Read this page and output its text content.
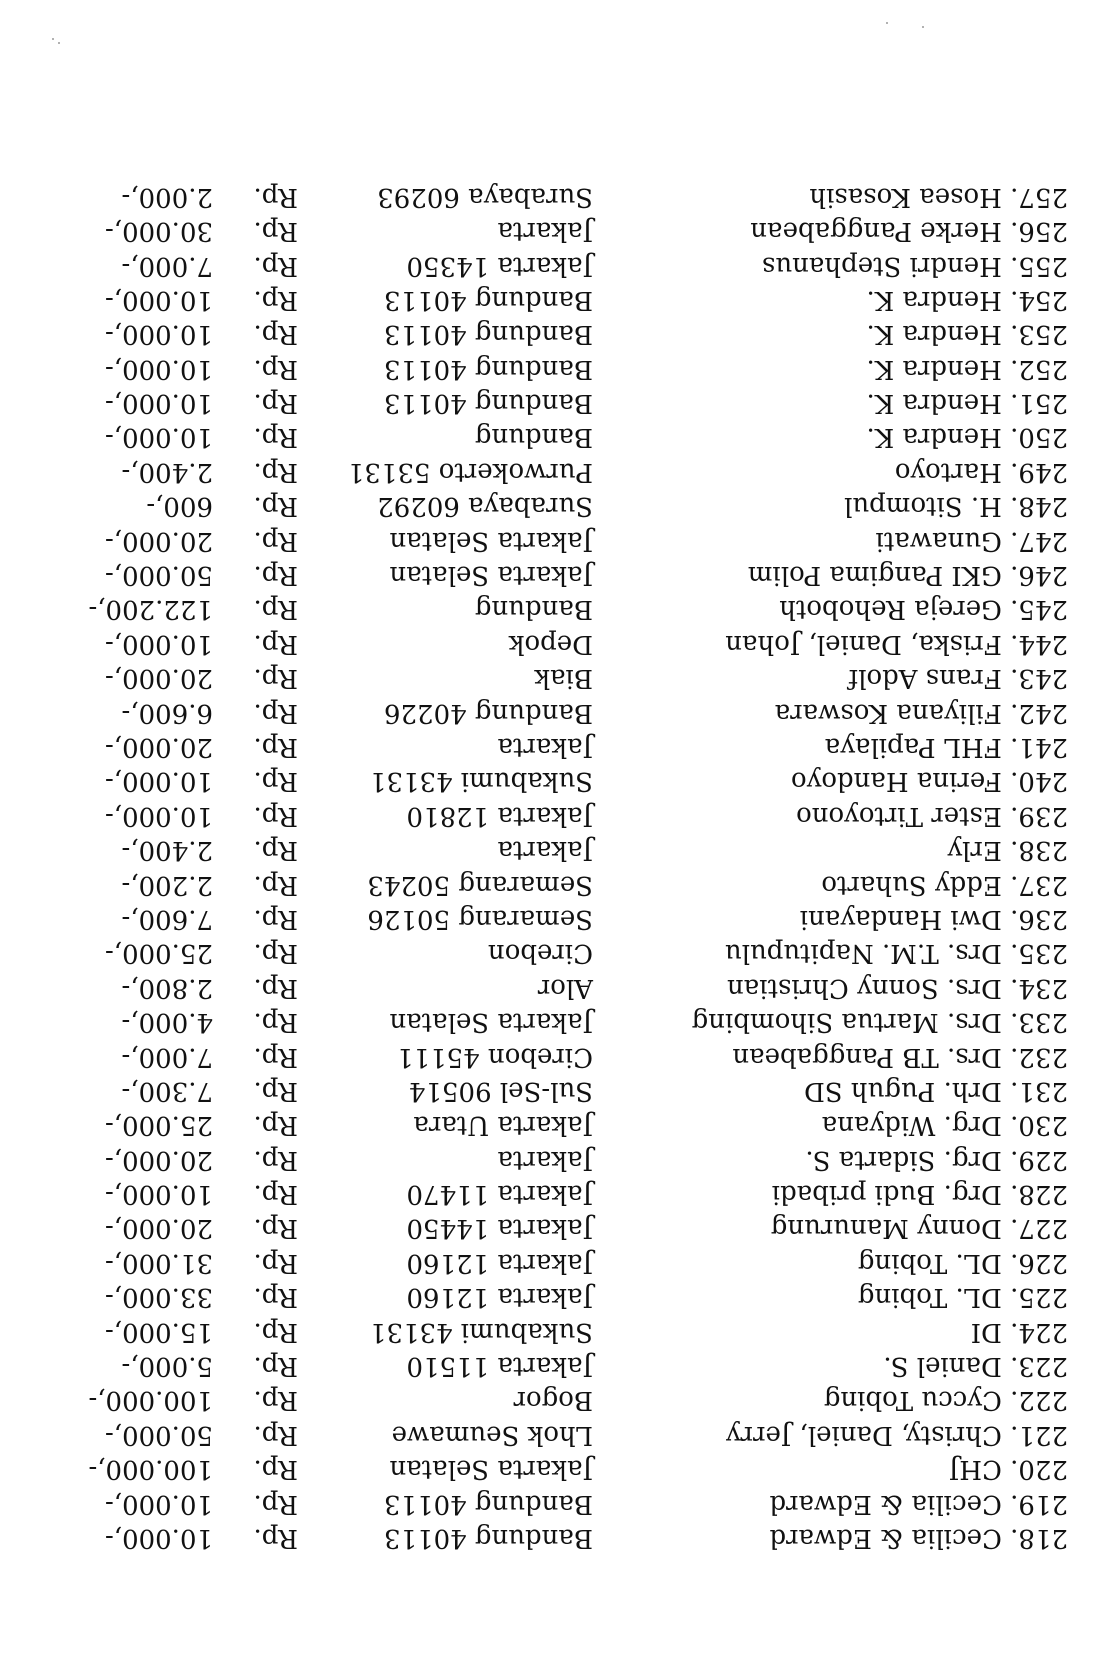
218. Cecilia & Edward
Bandung 40113
Rp.
10.000,-
219. Cecilia & Edward
Bandung 40113
Rp.
10.000,-
220. CHJ
Jakarta Selatan
Rp.
100.000,-
221. Christy, Daniel, Jerry
Lhok Seumawe
Rp.
50.000,-
222. Cyccu Tobing
Bogor
Rp.
100.000,-
223. Daniel S.
Jakarta 11510
Rp.
5.000,-
224. DI
Sukabumi 43131
Rp.
15.000,-
225. DL. Tobing
Jakarta 12160
Rp.
33.000,-
226. DL. Tobing
Jakarta 12160
Rp.
31.000,-
227. Donny Manurung
Jakarta 14450
Rp.
20.000,-
228. Drg. Budi pribadi
Jakarta 11470
Rp.
10.000,-
229. Drg. Sidarta S.
Jakarta
Rp.
20.000,-
230. Drg. Widyana
Jakarta Utara
Rp.
25.000,-
231. Drh. Puguh SD
Sul-Sel 90514
Rp.
7.300,-
232. Drs. TB Panggabean
Cirebon 45111
Rp.
7.000,-
233. Drs. Martua Sihombing
Jakarta Selatan
Rp.
4.000,-
234. Drs. Sonny Christian
Alor
Rp.
2.800,-
235. Drs. T.M. Napitupulu
Cirebon
Rp.
25.000,-
236. Dwi Handayani
Semarang 50126
Rp.
7.600,-
237. Eddy Suharto
Semarang 50243
Rp.
2.200,-
238. Erly
Jakarta
Rp.
2.400,-
239. Ester Tirtoyono
Jakarta 12810
Rp.
10.000,-
240. Ferina Handoyo
Sukabumi 43131
Rp.
10.000,-
241. FHL Papilaya
Jakarta
Rp.
20.000,-
242. Filiyana Koswara
Bandung 40226
Rp.
6.600,-
243. Frans Adolf
Biak
Rp.
20.000,-
244. Friska, Daniel, Johan
Depok
Rp.
10.000,-
245. Gereja Rehoboth
Bandung
Rp.
122.200,-
246. GKI Pangima Polim
Jakarta Selatan
Rp.
50.000,-
247. Gunawati
Jakarta Selatan
Rp.
20.000,-
248. H. Sitompul
Surabaya 60292
Rp.
600,-
249. Hartoyo
Purwokerto 53131
Rp.
2.400,-
250. Hendra K.
Bandung
Rp.
10.000,-
251. Hendra K.
Bandung 40113
Rp.
10.000,-
252. Hendra K.
Bandung 40113
Rp.
10.000,-
253. Hendra K.
Bandung 40113
Rp.
10.000,-
254. Hendra K.
Bandung 40113
Rp.
10.000,-
255. Hendri Stephanus
Jakarta 14350
Rp.
7.000,-
256. Herke Panggabean
Jakarta
Rp.
30.000,-
257. Hosea Kosasih
Surabaya 60293
Rp.
2.000,-
